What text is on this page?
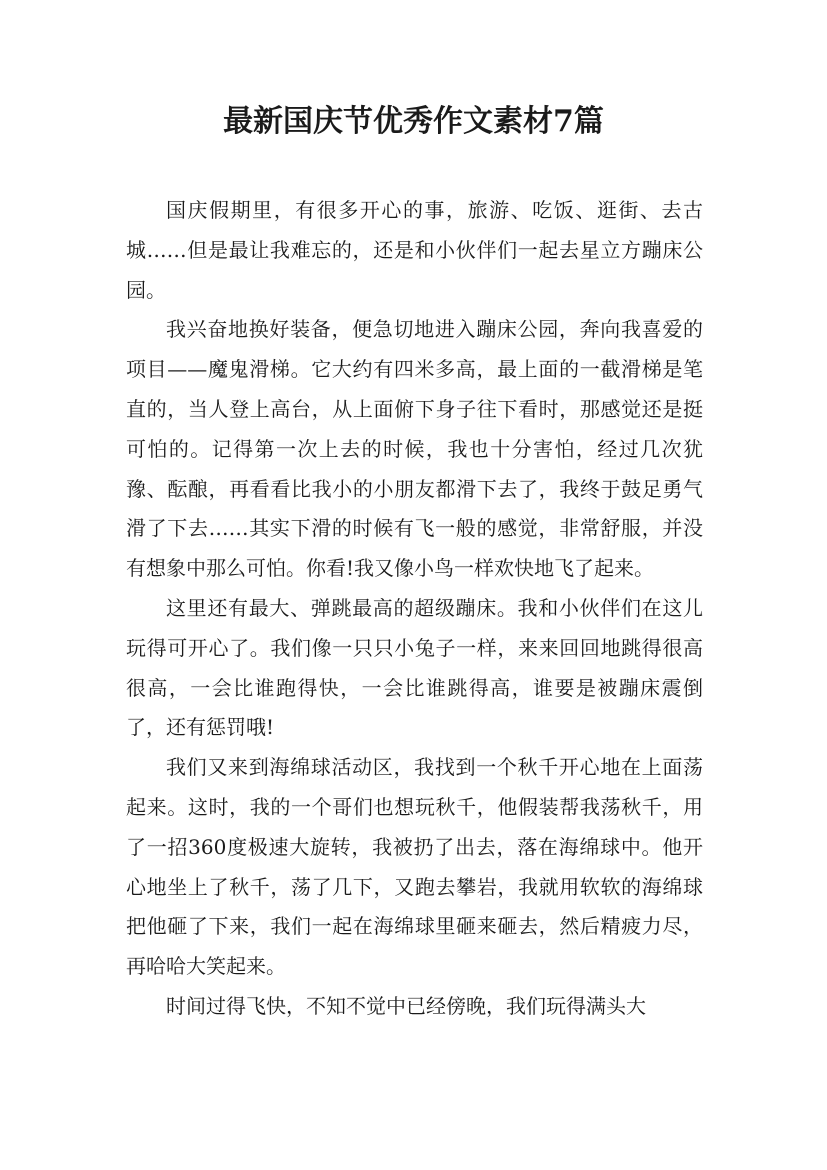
最新国庆节优秀作文素材7篇

国庆假期里，有很多开心的事，旅游、吃饭、逛街、去古城……但是最让我难忘的，还是和小伙伴们一起去星立方蹦床公园。

我兴奋地换好装备，便急切地进入蹦床公园，奔向我喜爱的项目——魔鬼滑梯。它大约有四米多高，最上面的一截滑梯是笔直的，当人登上高台，从上面俯下身子往下看时，那感觉还是挺可怕的。记得第一次上去的时候，我也十分害怕，经过几次犹豫、酝酿，再看看比我小的小朋友都滑下去了，我终于鼓足勇气滑了下去……其实下滑的时候有飞一般的感觉，非常舒服，并没有想象中那么可怕。你看!我又像小鸟一样欢快地飞了起来。

这里还有最大、弹跳最高的超级蹦床。我和小伙伴们在这儿玩得可开心了。我们像一只只小兔子一样，来来回回地跳得很高很高，一会比谁跑得快，一会比谁跳得高，谁要是被蹦床震倒了，还有惩罚哦!

我们又来到海绵球活动区，我找到一个秋千开心地在上面荡起来。这时，我的一个哥们也想玩秋千，他假装帮我荡秋千，用了一招360度极速大旋转，我被扔了出去，落在海绵球中。他开心地坐上了秋千，荡了几下，又跑去攀岩，我就用软软的海绵球把他砸了下来，我们一起在海绵球里砸来砸去，然后精疲力尽，再哈哈大笑起来。

时间过得飞快，不知不觉中已经傍晚，我们玩得满头大
